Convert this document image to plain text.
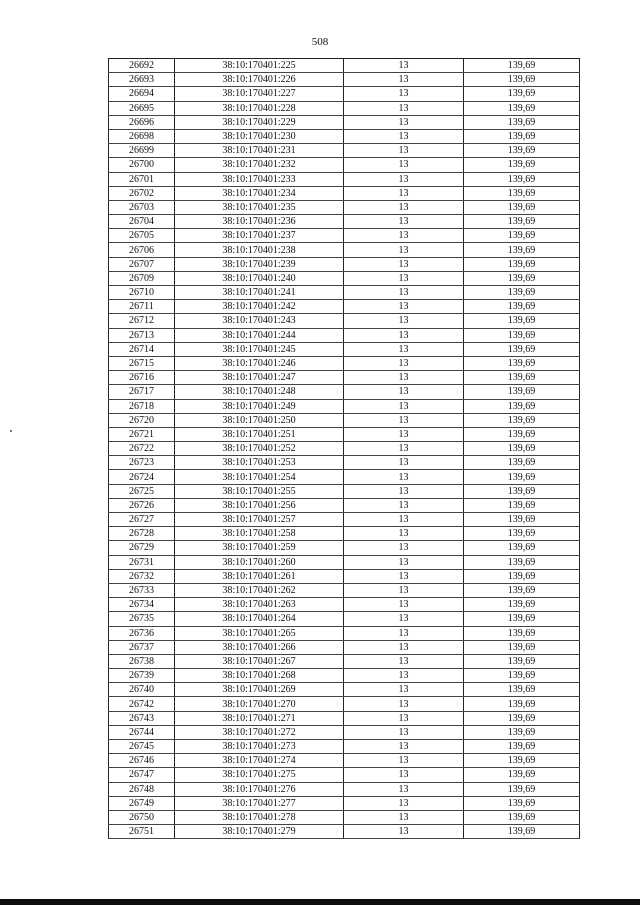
508
26692	38:10:170401:225	13	139,69
26693	38:10:170401:226	13	139,69
26694	38:10:170401:227	13	139,69
26695	38:10:170401:228	13	139,69
26696	38:10:170401:229	13	139,69
26698	38:10:170401:230	13	139,69
26699	38:10:170401:231	13	139,69
26700	38:10:170401:232	13	139,69
26701	38:10:170401:233	13	139,69
26702	38:10:170401:234	13	139,69
26703	38:10:170401:235	13	139,69
26704	38:10:170401:236	13	139,69
26705	38:10:170401:237	13	139,69
26706	38:10:170401:238	13	139,69
26707	38:10:170401:239	13	139,69
26709	38:10:170401:240	13	139,69
26710	38:10:170401:241	13	139,69
26711	38:10:170401:242	13	139,69
26712	38:10:170401:243	13	139,69
26713	38:10:170401:244	13	139,69
26714	38:10:170401:245	13	139,69
26715	38:10:170401:246	13	139,69
26716	38:10:170401:247	13	139,69
26717	38:10:170401:248	13	139,69
26718	38:10:170401:249	13	139,69
26720	38:10:170401:250	13	139,69
26721	38:10:170401:251	13	139,69
26722	38:10:170401:252	13	139,69
26723	38:10:170401:253	13	139,69
26724	38:10:170401:254	13	139,69
26725	38:10:170401:255	13	139,69
26726	38:10:170401:256	13	139,69
26727	38:10:170401:257	13	139,69
26728	38:10:170401:258	13	139,69
26729	38:10:170401:259	13	139,69
26731	38:10:170401:260	13	139,69
26732	38:10:170401:261	13	139,69
26733	38:10:170401:262	13	139,69
26734	38:10:170401:263	13	139,69
26735	38:10:170401:264	13	139,69
26736	38:10:170401:265	13	139,69
26737	38:10:170401:266	13	139,69
26738	38:10:170401:267	13	139,69
26739	38:10:170401:268	13	139,69
26740	38:10:170401:269	13	139,69
26742	38:10:170401:270	13	139,69
26743	38:10:170401:271	13	139,69
26744	38:10:170401:272	13	139,69
26745	38:10:170401:273	13	139,69
26746	38:10:170401:274	13	139,69
26747	38:10:170401:275	13	139,69
26748	38:10:170401:276	13	139,69
26749	38:10:170401:277	13	139,69
26750	38:10:170401:278	13	139,69
26751	38:10:170401:279	13	139,69
